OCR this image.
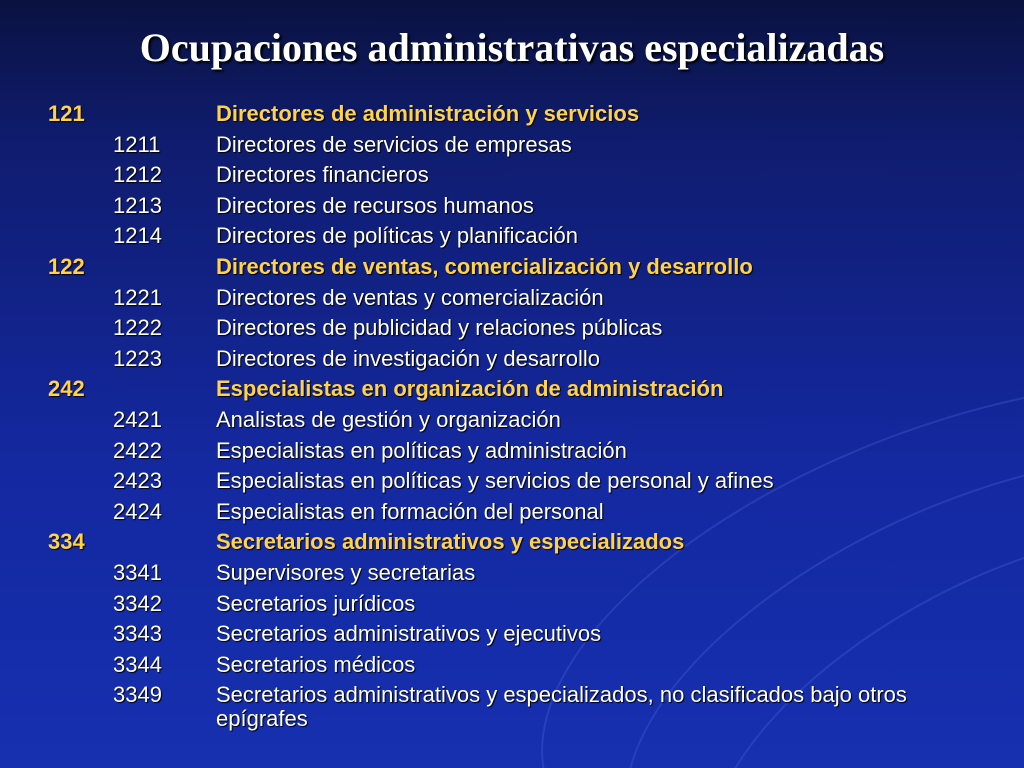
Ocupaciones administrativas especializadas
121	Directores de administración y servicios
1211	Directores de servicios de empresas
1212	Directores financieros
1213	Directores de recursos humanos
1214	Directores de políticas y planificación
122	Directores de ventas, comercialización y desarrollo
1221	Directores de ventas y comercialización
1222	Directores de publicidad y relaciones públicas
1223	Directores de investigación y desarrollo
242	Especialistas en organización de administración
2421	Analistas de gestión y organización
2422	Especialistas en políticas y administración
2423	Especialistas en políticas y servicios de personal y afines
2424	Especialistas en formación del personal
334	Secretarios administrativos y especializados
3341	Supervisores y secretarias
3342	Secretarios jurídicos
3343	Secretarios administrativos y ejecutivos
3344	Secretarios médicos
3349	Secretarios administrativos y especializados, no clasificados bajo otros epígrafes
